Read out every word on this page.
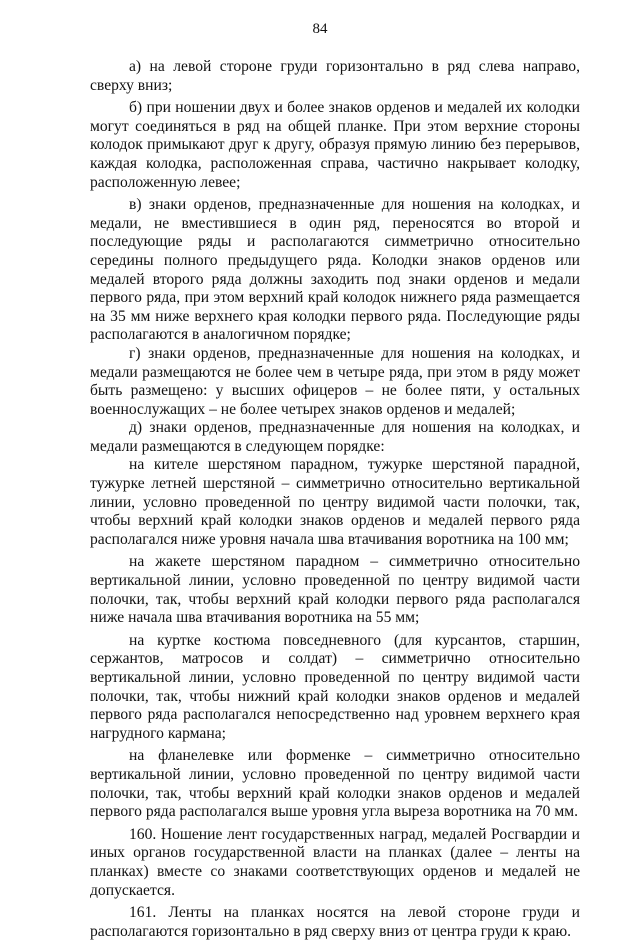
84

а) на левой стороне груди горизонтально в ряд слева направо, сверху вниз;

б) при ношении двух и более знаков орденов и медалей их колодки могут соединяться в ряд на общей планке. При этом верхние стороны колодок примыкают друг к другу, образуя прямую линию без перерывов, каждая колодка, расположенная справа, частично накрывает колодку, расположенную левее;

в) знаки орденов, предназначенные для ношения на колодках, и медали, не вместившиеся в один ряд, переносятся во второй и последующие ряды и располагаются симметрично относительно середины полного предыдущего ряда. Колодки знаков орденов или медалей второго ряда должны заходить под знаки орденов и медали первого ряда, при этом верхний край колодок нижнего ряда размещается на 35 мм ниже верхнего края колодки первого ряда. Последующие ряды располагаются в аналогичном порядке;

г) знаки орденов, предназначенные для ношения на колодках, и медали размещаются не более чем в четыре ряда, при этом в ряду может быть размещено: у высших офицеров – не более пяти, у остальных военнослужащих – не более четырех знаков орденов и медалей;

д) знаки орденов, предназначенные для ношения на колодках, и медали размещаются в следующем порядке:

на кителе шерстяном парадном, тужурке шерстяной парадной, тужурке летней шерстяной – симметрично относительно вертикальной линии, условно проведенной по центру видимой части полочки, так, чтобы верхний край колодки знаков орденов и медалей первого ряда располагался ниже уровня начала шва втачивания воротника на 100 мм;

на жакете шерстяном парадном – симметрично относительно вертикальной линии, условно проведенной по центру видимой части полочки, так, чтобы верхний край колодки первого ряда располагался ниже начала шва втачивания воротника на 55 мм;

на куртке костюма повседневного (для курсантов, старшин, сержантов, матросов и солдат) – симметрично относительно вертикальной линии, условно проведенной по центру видимой части полочки, так, чтобы нижний край колодки знаков орденов и медалей первого ряда располагался непосредственно над уровнем верхнего края нагрудного кармана;

на фланелевке или форменке – симметрично относительно вертикальной линии, условно проведенной по центру видимой части полочки, так, чтобы верхний край колодки знаков орденов и медалей первого ряда располагался выше уровня угла выреза воротника на 70 мм.

160. Ношение лент государственных наград, медалей Росгвардии и иных органов государственной власти на планках (далее – ленты на планках) вместе со знаками соответствующих орденов и медалей не допускается.

161. Ленты на планках носятся на левой стороне груди и располагаются горизонтально в ряд сверху вниз от центра груди к краю.
